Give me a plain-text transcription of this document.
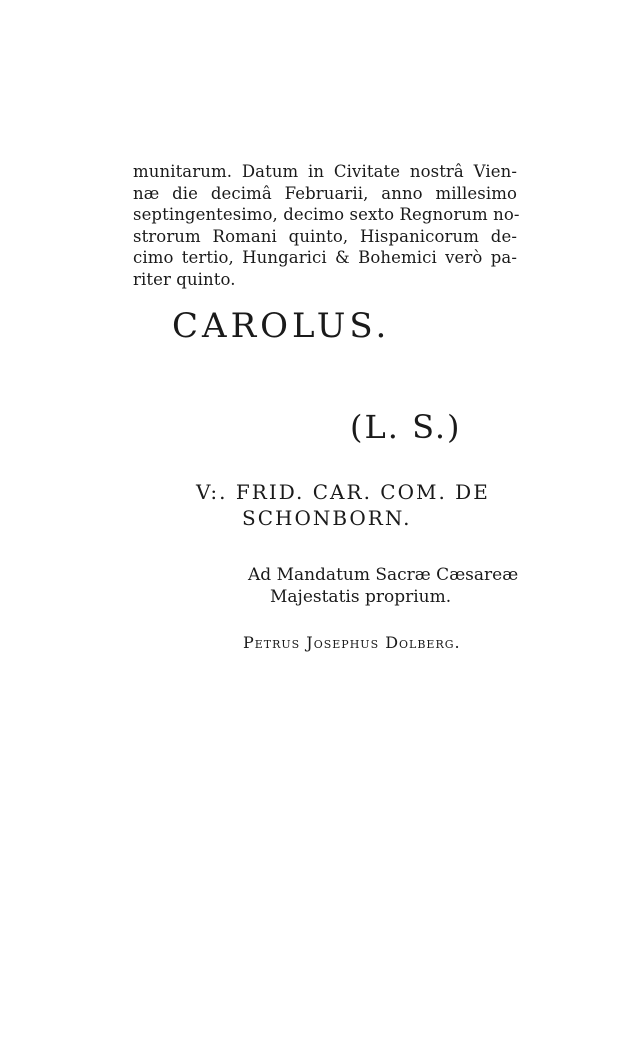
munitarum. Datum in Civitate nostrâ Vien-
næ die decimâ Februarii, anno millesimo
septingentesimo, decimo sexto Regnorum no-
strorum Romani quinto, Hispanicorum de-
cimo tertio, Hungarici & Bohemici verò pa-
riter quinto.
CAROLUS.
(L. S.)
V:. FRID. CAR. COM. DE
SCHONBORN.
Ad Mandatum Sacræ Cæsareæ
Majestatis proprium.
Petrus Josephus Dolberg.
